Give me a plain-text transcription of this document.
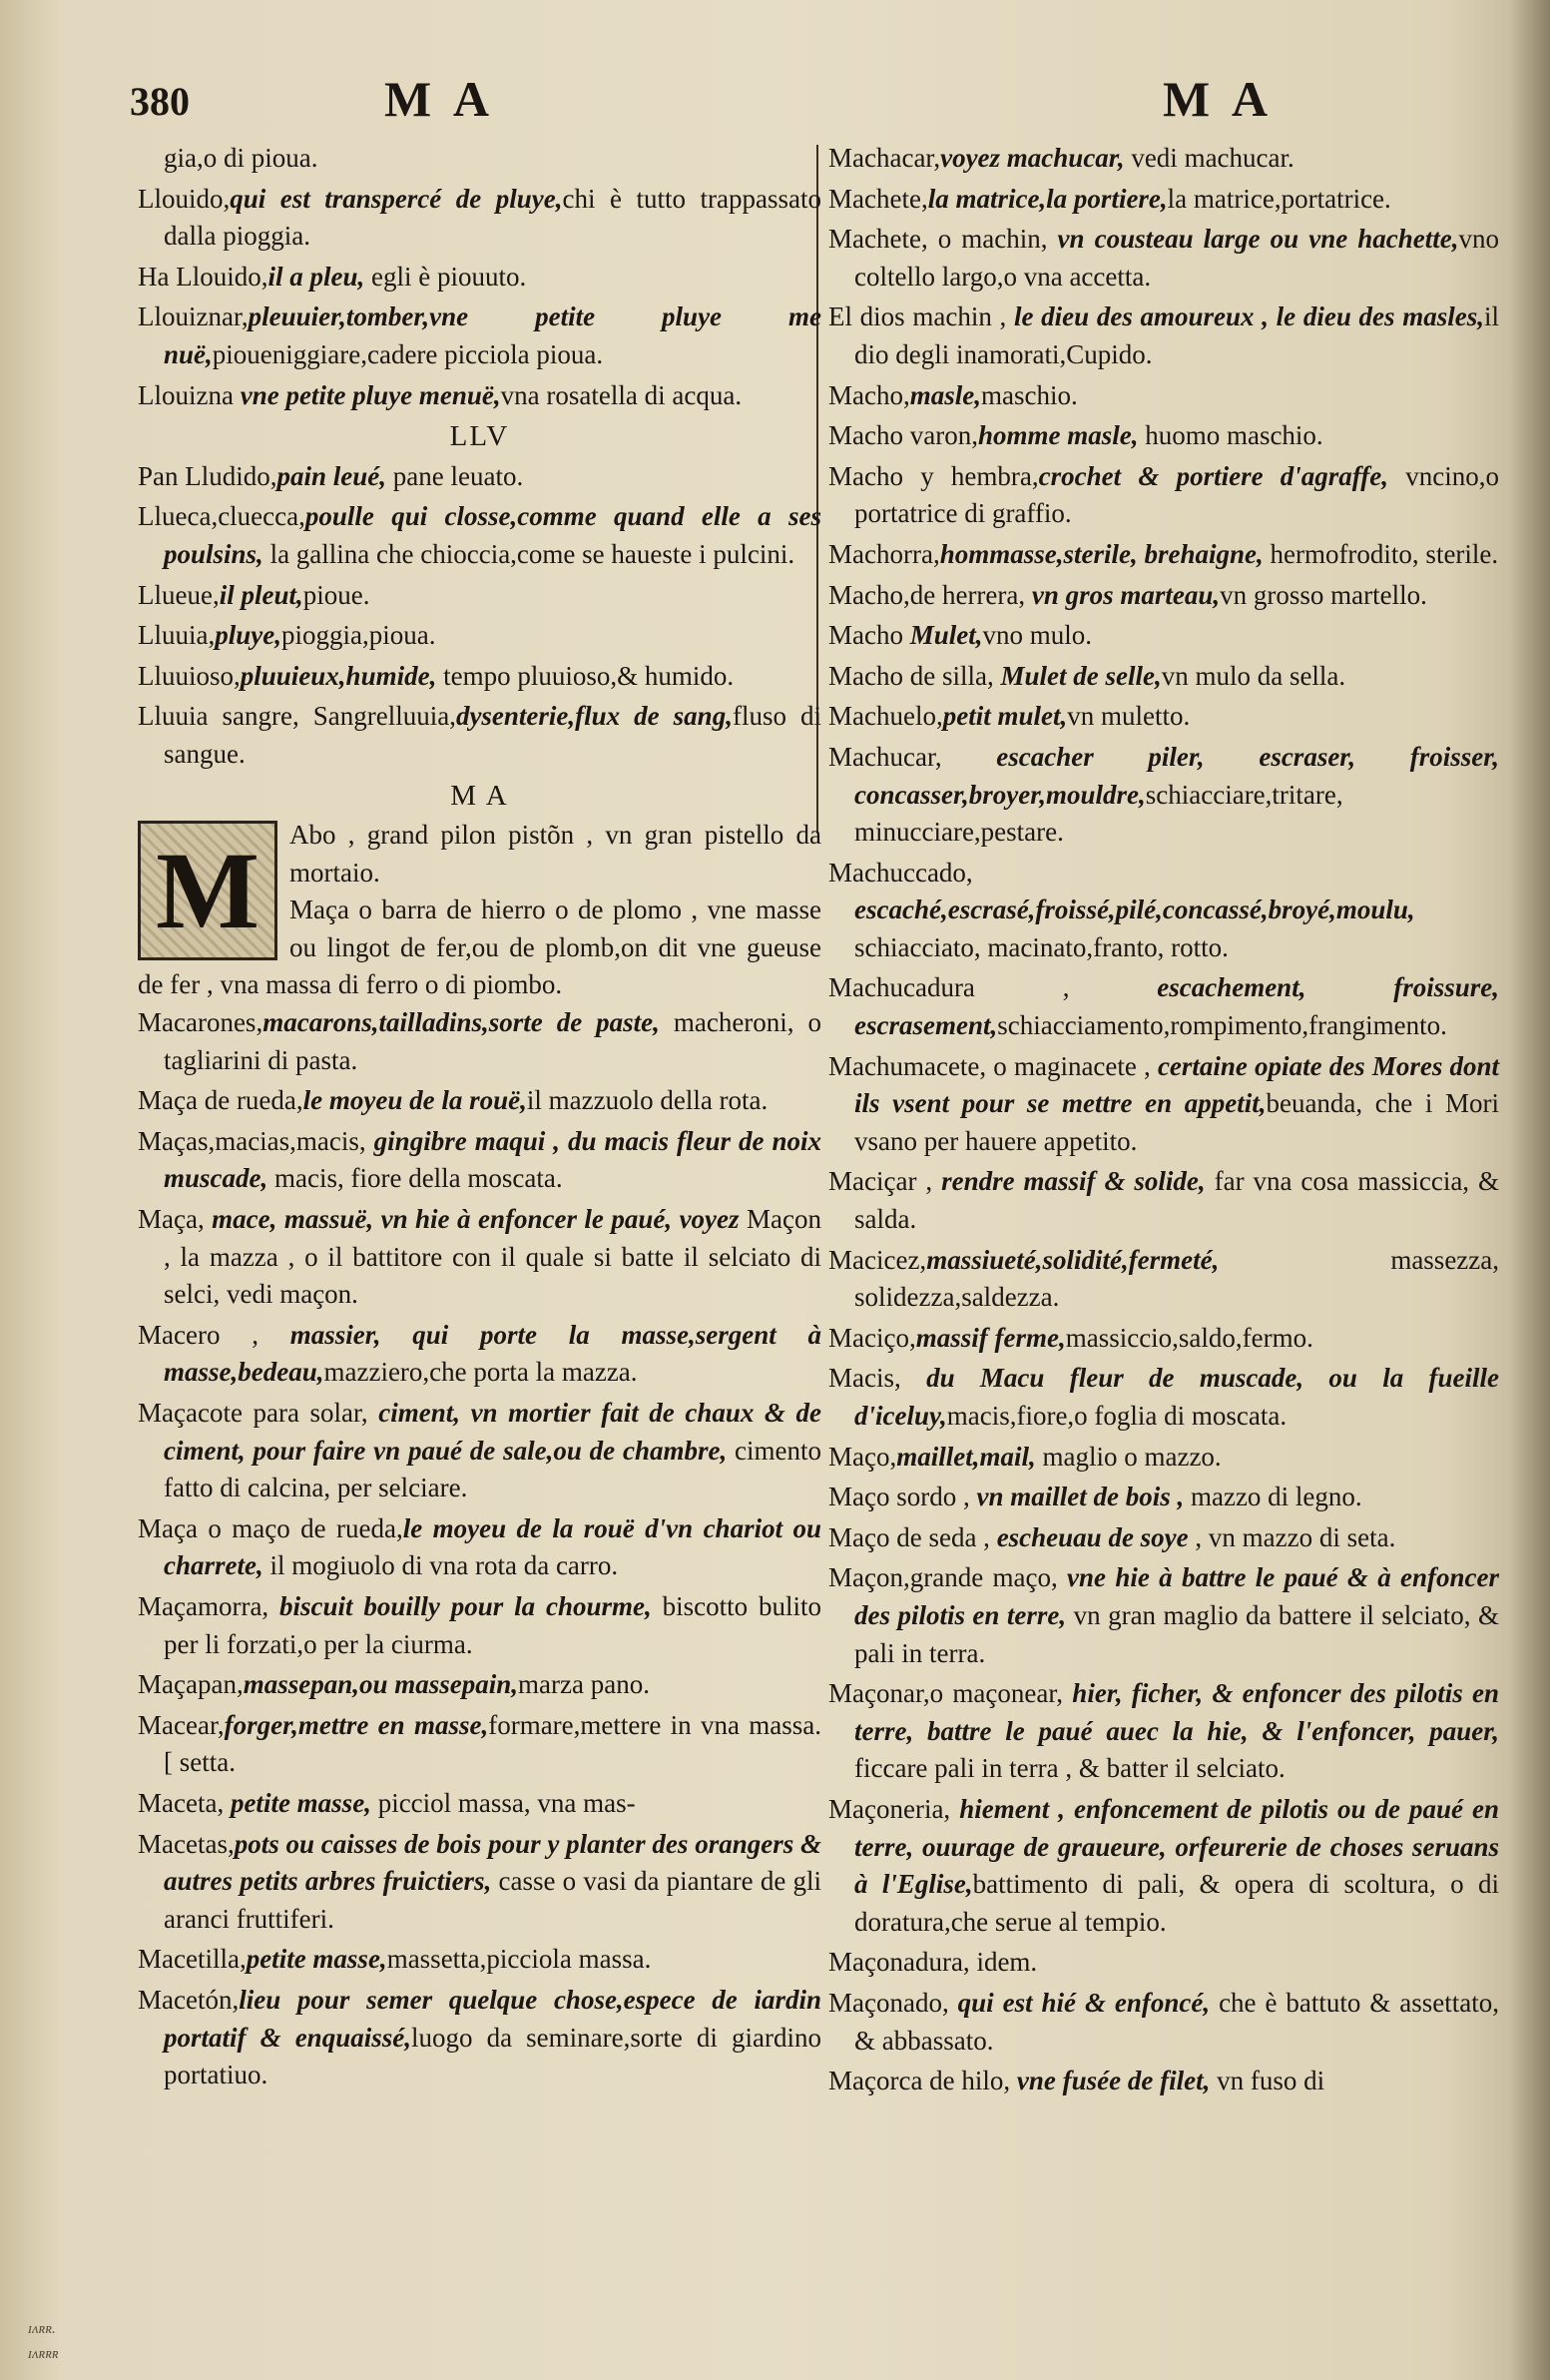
380	M A	M A
gia,o di pioua.
Llouido,qui est transpercé de pluye,chi è tutto trappassato dalla pioggia.
Ha Llouido,il a pleu, egli è piouuto.
Llouiznar,pleuuier,tomber,vne petite pluye me nuë,pioueniggiare,cadere picciola pioua.
Llouizna vne petite pluye menuë,vna rosatella di acqua.
LLV
Pan Lludido,pain leué, pane leuato.
Llueca,cluecca,poulle qui closse,comme quand elle a ses poulsins, la gallina che chioccia,come se haueste i pulcini.
Llueue,il pleut,pioue.
Lluuia,pluye,pioggia,pioua.
Lluuioso,pluuieux,humide, tempo pluuioso,& humido.
Lluuia sangre, Sangrelluuia,dysenterie,flux de sang,fluso di sangue.
M A
M	Abo , grand pilon pistõn , vn gran pistello da mortaio.
Maça o barra de hierro o de plomo , vne masse ou lingot de fer,ou de plomb,on dit vne gueuse de fer , vna massa di ferro o di piombo.
Macarones,macarons,tailladins,sorte de paste, macheroni, o tagliarini di pasta.
Maça de rueda,le moyeu de la rouë,il mazzuolo della rota.
Maças,macias,macis, gingibre maqui , du macis fleur de noix muscade, macis, fiore della moscata.
Maça, mace, massuë, vn hie à enfoncer le paué, voyez Maçon , la mazza , o il battitore con il quale si batte il selciato di selci, vedi maçon.
Macero , massier, qui porte la masse,sergent à masse,bedeau,mazziero,che porta la mazza.
Maçacote para solar, ciment, vn mortier fait de chaux & de ciment, pour faire vn paué de sale,ou de chambre, cimento fatto di calcina, per selciare.
Maça o maço de rueda,le moyeu de la rouë d'vn chariot ou charrete, il mogiuolo di vna rota da carro.
Maçamorra, biscuit bouilly pour la chourme, biscotto bulito per li forzati,o per la ciurma.
Maçapan,massepan,ou massepain,marza pano.
Macear,forger,mettre en masse,formare,mettere in vna massa. [ setta.
Maceta, petite masse, picciol massa, vna mas-
Macetas,pots ou caisses de bois pour y planter des orangers & autres petits arbres fruictiers, casse o vasi da piantare de gli aranci fruttiferi.
Macetilla,petite masse,massetta,picciola massa.
Macetón,lieu pour semer quelque chose,espece de iardin portatif & enquaissé,luogo da seminare,sorte di giardino portatiuo.
Machacar,voyez machucar, vedi machucar.
Machete,la matrice,la portiere,la matrice,portatrice.
Machete, o machin, vn cousteau large ou vne hachette,vno coltello largo,o vna accetta.
El dios machin , le dieu des amoureux , le dieu des masles,il dio degli inamorati,Cupido.
Macho,masle,maschio.
Macho varon,homme masle, huomo maschio.
Macho y hembra,crochet & portiere d'agraffe, vncino,o portatrice di graffio.
Machorra,hommasse,sterile, brehaigne, hermofrodito, sterile.
Macho,de herrera, vn gros marteau,vn grosso martello.
Macho Mulet,vno mulo.
Macho de silla, Mulet de selle,vn mulo da sella.
Machuelo,petit mulet,vn muletto.
Machucar, escacher piler, escraser, froisser, concasser,broyer,mouldre,schiacciare,tritare, minucciare,pestare.
Machuccado, escaché,escrasé,froissé,pilé,concassé,broyé,moulu, schiacciato, macinato,franto, rotto.
Machucadura , escachement, froissure, escrasement,schiacciamento,rompimento,frangimento.
Machumacete, o maginacete , certaine opiate des Mores dont ils vsent pour se mettre en appetit,beuanda, che i Mori vsano per hauere appetito.
Maciçar , rendre massif & solide, far vna cosa massiccia, & salda.
Macicez,massiueté,solidité,fermeté, massezza, solidezza,saldezza.
Maciço,massif ferme,massiccio,saldo,fermo.
Macis, du Macu fleur de muscade, ou la fueille d'iceluy,macis,fiore,o foglia di moscata.
Maço,maillet,mail, maglio o mazzo.
Maço sordo , vn maillet de bois , mazzo di legno.
Maço de seda , escheuau de soye , vn mazzo di seta.
Maçon,grande maço, vne hie à battre le paué & à enfoncer des pilotis en terre, vn gran maglio da battere il selciato, & pali in terra.
Maçonar,o maçonear, hier, ficher, & enfoncer des pilotis en terre, battre le paué auec la hie, & l'enfoncer, pauer, ficcare pali in terra , & batter il selciato.
Maçoneria, hiement , enfoncement de pilotis ou de paué en terre, ouurage de graueure, orfeurerie de choses seruans à l'Eglise,battimento di pali, & opera di scoltura, o di doratura,che serue al tempio.
Maçonadura, idem.
Maçonado, qui est hié & enfoncé, che è battuto & assettato, & abbassato.
Maçorca de hilo, vne fusée de filet, vn fuso di
ɪʌʀʀ.
ɪʌʀʀʀ
